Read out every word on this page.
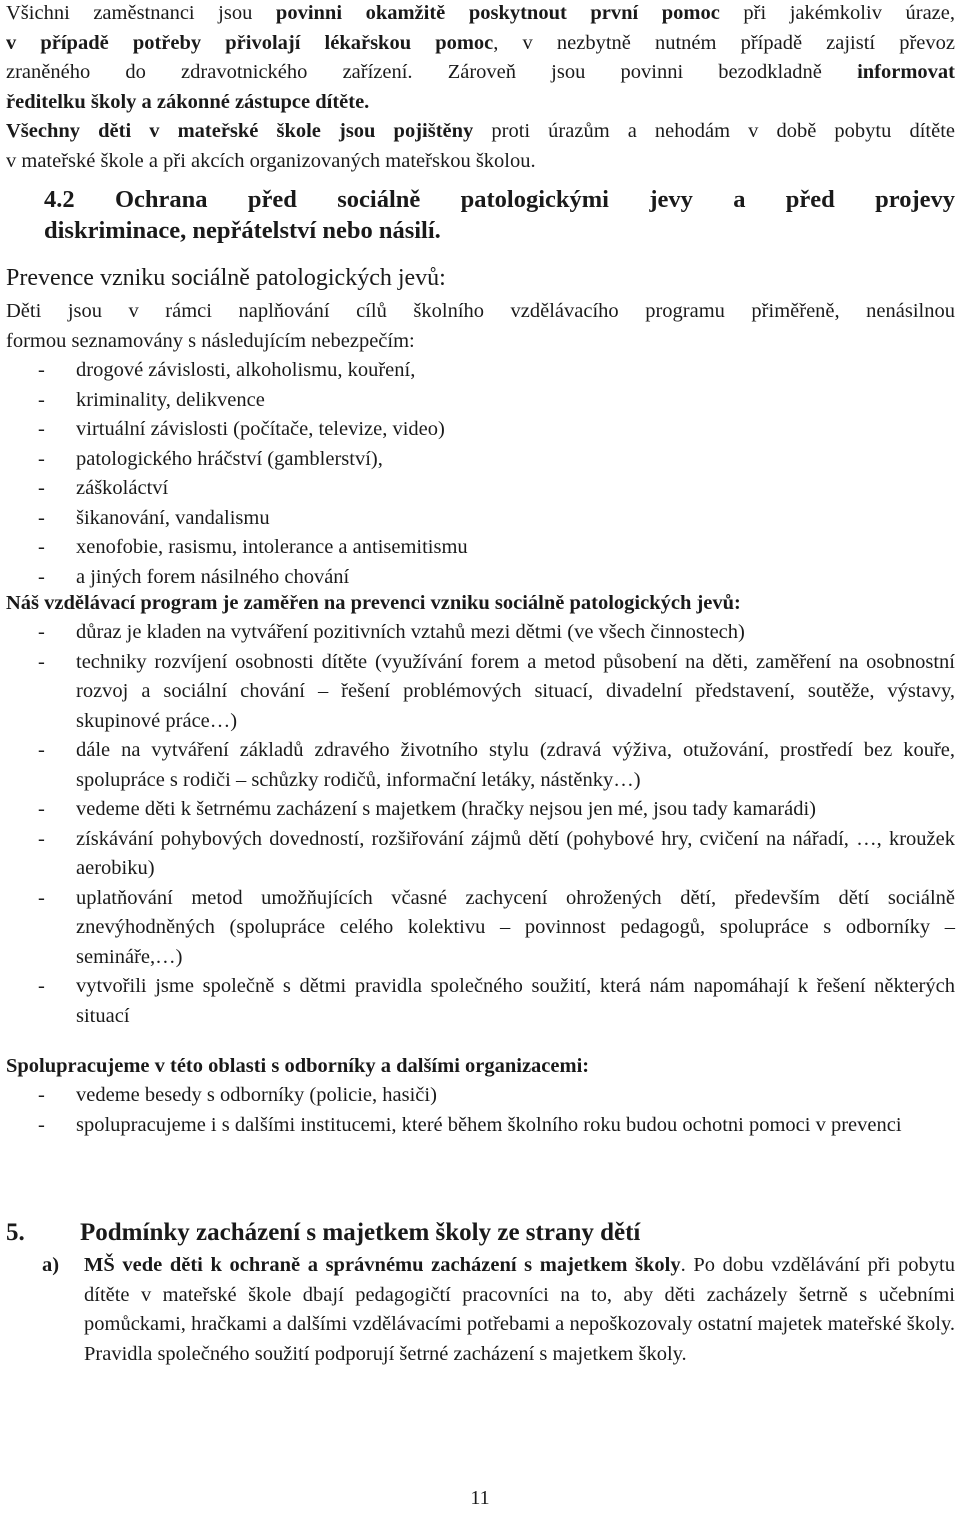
Všichni zaměstnanci jsou povinni okamžitě poskytnout první pomoc při jakémkoliv úraze,
v případě potřeby přivolají lékařskou pomoc, v nezbytně nutném případě zajistí převoz
zraněného do zdravotnického zařízení. Zároveň jsou povinni bezodkladně informovat
ředitelku školy a zákonné zástupce dítěte.
Všechny děti v mateřské škole jsou pojištěny proti úrazům a nehodám v době pobytu dítěte
v mateřské škole a při akcích organizovaných mateřskou školou.
4.2 Ochrana před sociálně patologickými jevy a před projevy
diskriminace, nepřátelství nebo násilí.
Prevence vzniku sociálně patologických jevů:
Děti jsou v rámci naplňování cílů školního vzdělávacího programu přiměřeně, nenásilnou
formou seznamovány s následujícím nebezpečím:
-	drogové závislosti, alkoholismu, kouření,
-	kriminality, delikvence
-	virtuální závislosti (počítače, televize, video)
-	patologického hráčství (gamblerství),
-	záškoláctví
-	šikanování, vandalismu
-	xenofobie, rasismu, intolerance a antisemitismu
-	a jiných forem násilného chování
Náš vzdělávací program je zaměřen na prevenci vzniku sociálně patologických jevů:
-	důraz je kladen na vytváření pozitivních vztahů mezi dětmi (ve všech činnostech)
-	techniky rozvíjení osobnosti dítěte (využívání forem a metod působení na děti, zaměření na osobnostní rozvoj a sociální chování – řešení problémových situací, divadelní představení, soutěže, výstavy, skupinové práce…)
-	dále na vytváření základů zdravého životního stylu (zdravá výživa, otužování, prostředí bez kouře, spolupráce s rodiči – schůzky rodičů, informační letáky, nástěnky…)
-	vedeme děti k šetrnému zacházení s majetkem (hračky nejsou jen mé, jsou tady kamarádi)
-	získávání pohybových dovedností, rozšiřování zájmů dětí (pohybové hry, cvičení na nářadí, …, kroužek aerobiku)
-	uplatňování metod umožňujících včasné zachycení ohrožených dětí, především dětí sociálně znevýhodněných (spolupráce celého kolektivu – povinnost pedagogů, spolupráce s odborníky – semináře,…)
-	vytvořili jsme společně s dětmi pravidla společného soužití, která nám napomáhají k řešení některých situací
Spolupracujeme v této oblasti s odborníky a dalšími organizacemi:
-	vedeme besedy s odborníky (policie, hasiči)
-	spolupracujeme i s dalšími institucemi, které během školního roku budou ochotni pomoci v prevenci
5. Podmínky zacházení s majetkem školy ze strany dětí
a)	MŠ vede děti k ochraně a správnému zacházení s majetkem školy. Po dobu vzdělávání při pobytu dítěte v mateřské škole dbají pedagogičtí pracovníci na to, aby děti zacházely šetrně s učebními pomůckami, hračkami a dalšími vzdělávacími potřebami a nepoškozovaly ostatní majetek mateřské školy. Pravidla společného soužití podporují šetrné zacházení s majetkem školy.
11
